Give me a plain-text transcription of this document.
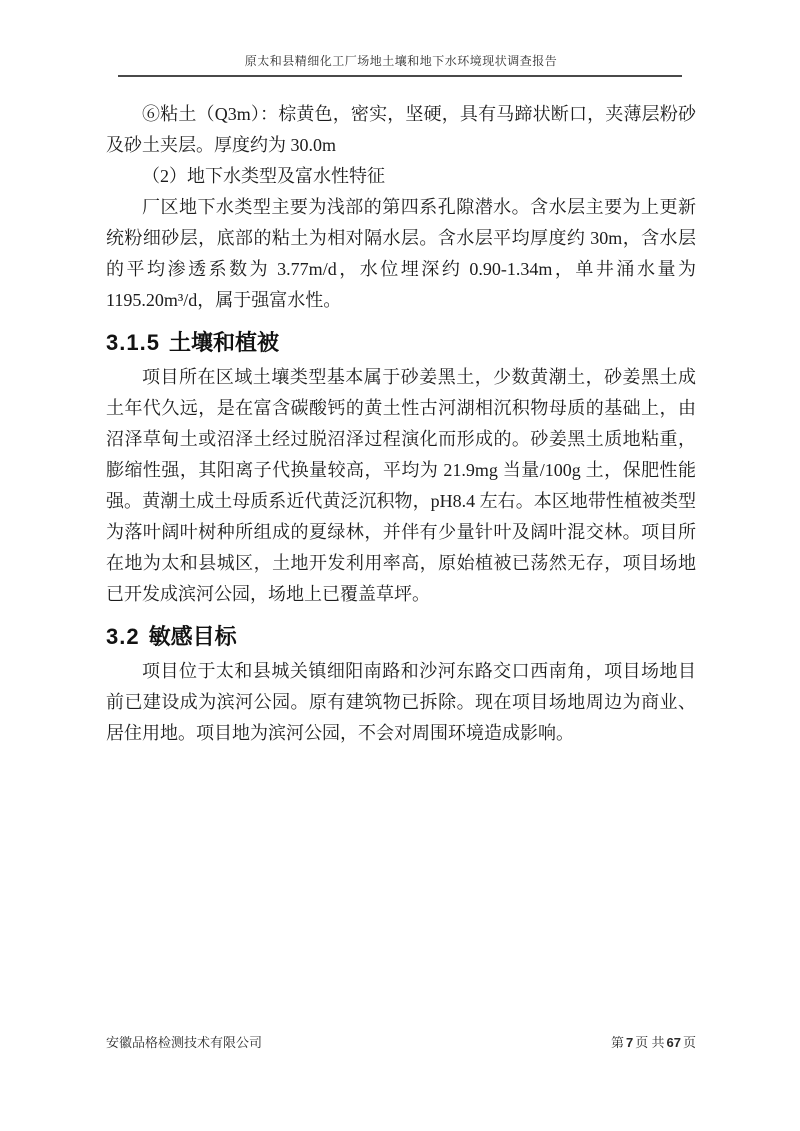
原太和县精细化工厂场地土壤和地下水环境现状调查报告

⑥粘土（Q3m）：棕黄色，密实，坚硬，具有马蹄状断口，夹薄层粉砂及砂土夹层。厚度约为 30.0m

（2）地下水类型及富水性特征

厂区地下水类型主要为浅部的第四系孔隙潜水。含水层主要为上更新统粉细砂层，底部的粘土为相对隔水层。含水层平均厚度约 30m，含水层的平均渗透系数为 3.77m/d，水位埋深约 0.90-1.34m，单井涌水量为 1195.20m³/d，属于强富水性。

3.1.5 土壤和植被

项目所在区域土壤类型基本属于砂姜黑土，少数黄潮土，砂姜黑土成土年代久远，是在富含碳酸钙的黄土性古河湖相沉积物母质的基础上，由沼泽草甸土或沼泽土经过脱沼泽过程演化而形成的。砂姜黑土质地粘重，膨缩性强，其阳离子代换量较高，平均为 21.9mg 当量/100g 土，保肥性能强。黄潮土成土母质系近代黄泛沉积物，pH8.4 左右。本区地带性植被类型为落叶阔叶树种所组成的夏绿林，并伴有少量针叶及阔叶混交林。项目所在地为太和县城区，土地开发利用率高，原始植被已荡然无存，项目场地已开发成滨河公园，场地上已覆盖草坪。

3.2 敏感目标

项目位于太和县城关镇细阳南路和沙河东路交口西南角，项目场地目前已建设成为滨河公园。原有建筑物已拆除。现在项目场地周边为商业、居住用地。项目地为滨河公园，不会对周围环境造成影响。

安徽品格检测技术有限公司	第 7 页 共 67 页
